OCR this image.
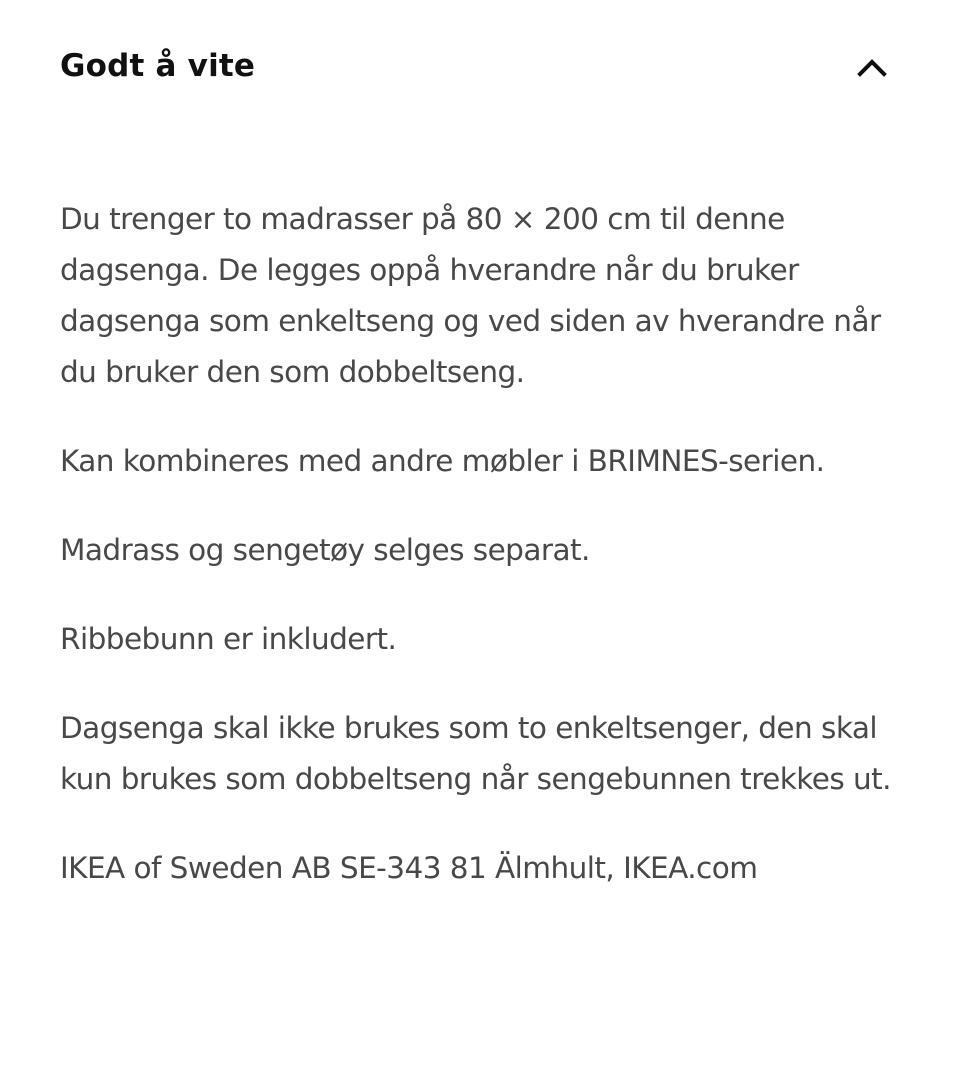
Godt å vite

Du trenger to madrasser på 80 × 200 cm til denne dagsenga. De legges oppå hverandre når du bruker dagsenga som enkeltseng og ved siden av hverandre når du bruker den som dobbeltseng.

Kan kombineres med andre møbler i BRIMNES-serien.

Madrass og sengetøy selges separat.

Ribbebunn er inkludert.

Dagsenga skal ikke brukes som to enkeltsenger, den skal kun brukes som dobbeltseng når sengebunnen trekkes ut.

IKEA of Sweden AB SE-343 81 Älmhult, IKEA.com
